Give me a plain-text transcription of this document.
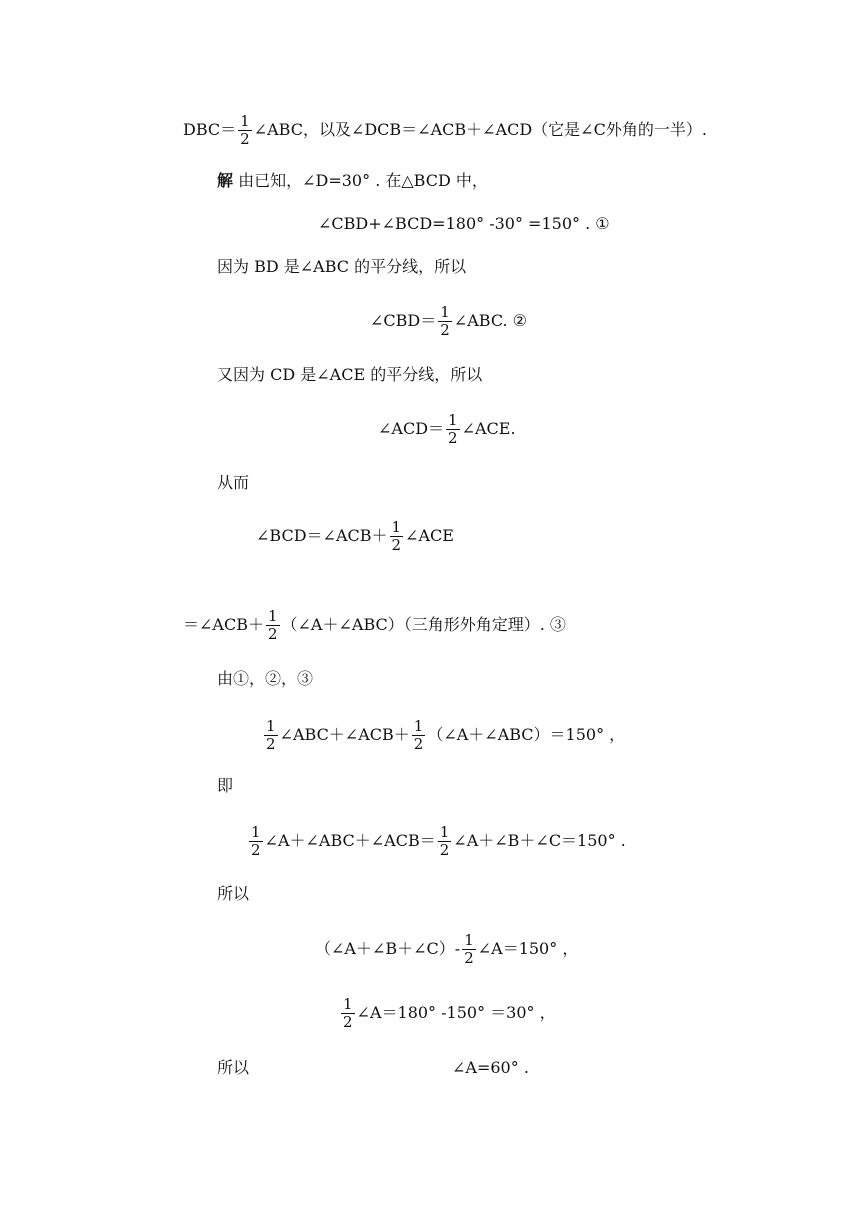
$DBC= \frac{1}{2}$ ∠ABC，以及∠DCB＝∠ACB＋∠ACD（它是∠C外角的一半）.
解 由已知，∠D=30° . 在△BCD 中，
∠CBD+∠BCD=180° -30° =150° . ①
因为 BD 是∠ABC 的平分线，所以
∠CBD＝ $\frac{1}{2}$ ∠ABC. ②
又因为 CD 是∠ACE 的平分线，所以
∠ACD＝ $\frac{1}{2}$ ∠ACE.
从而
∠BCD＝∠ACB＋ $\frac{1}{2}$ ∠ACE
＝∠ACB＋ $\frac{1}{2}$ （∠A＋∠ABC）（三角形外角定理）. ③
由①，②，③
$\frac{1}{2}$ ∠ABC＋∠ACB＋ $\frac{1}{2}$ （∠A＋∠ABC）＝150° ，
即
$\frac{1}{2}$ ∠A＋∠ABC＋∠ACB＝ $\frac{1}{2}$ ∠A＋∠B＋∠C＝150° .
所以
（∠A＋∠B＋∠C）- $\frac{1}{2}$ ∠A＝150° ，
$\frac{1}{2}$ ∠A＝180° -150° ＝30° ，
所以	∠A=60° .
